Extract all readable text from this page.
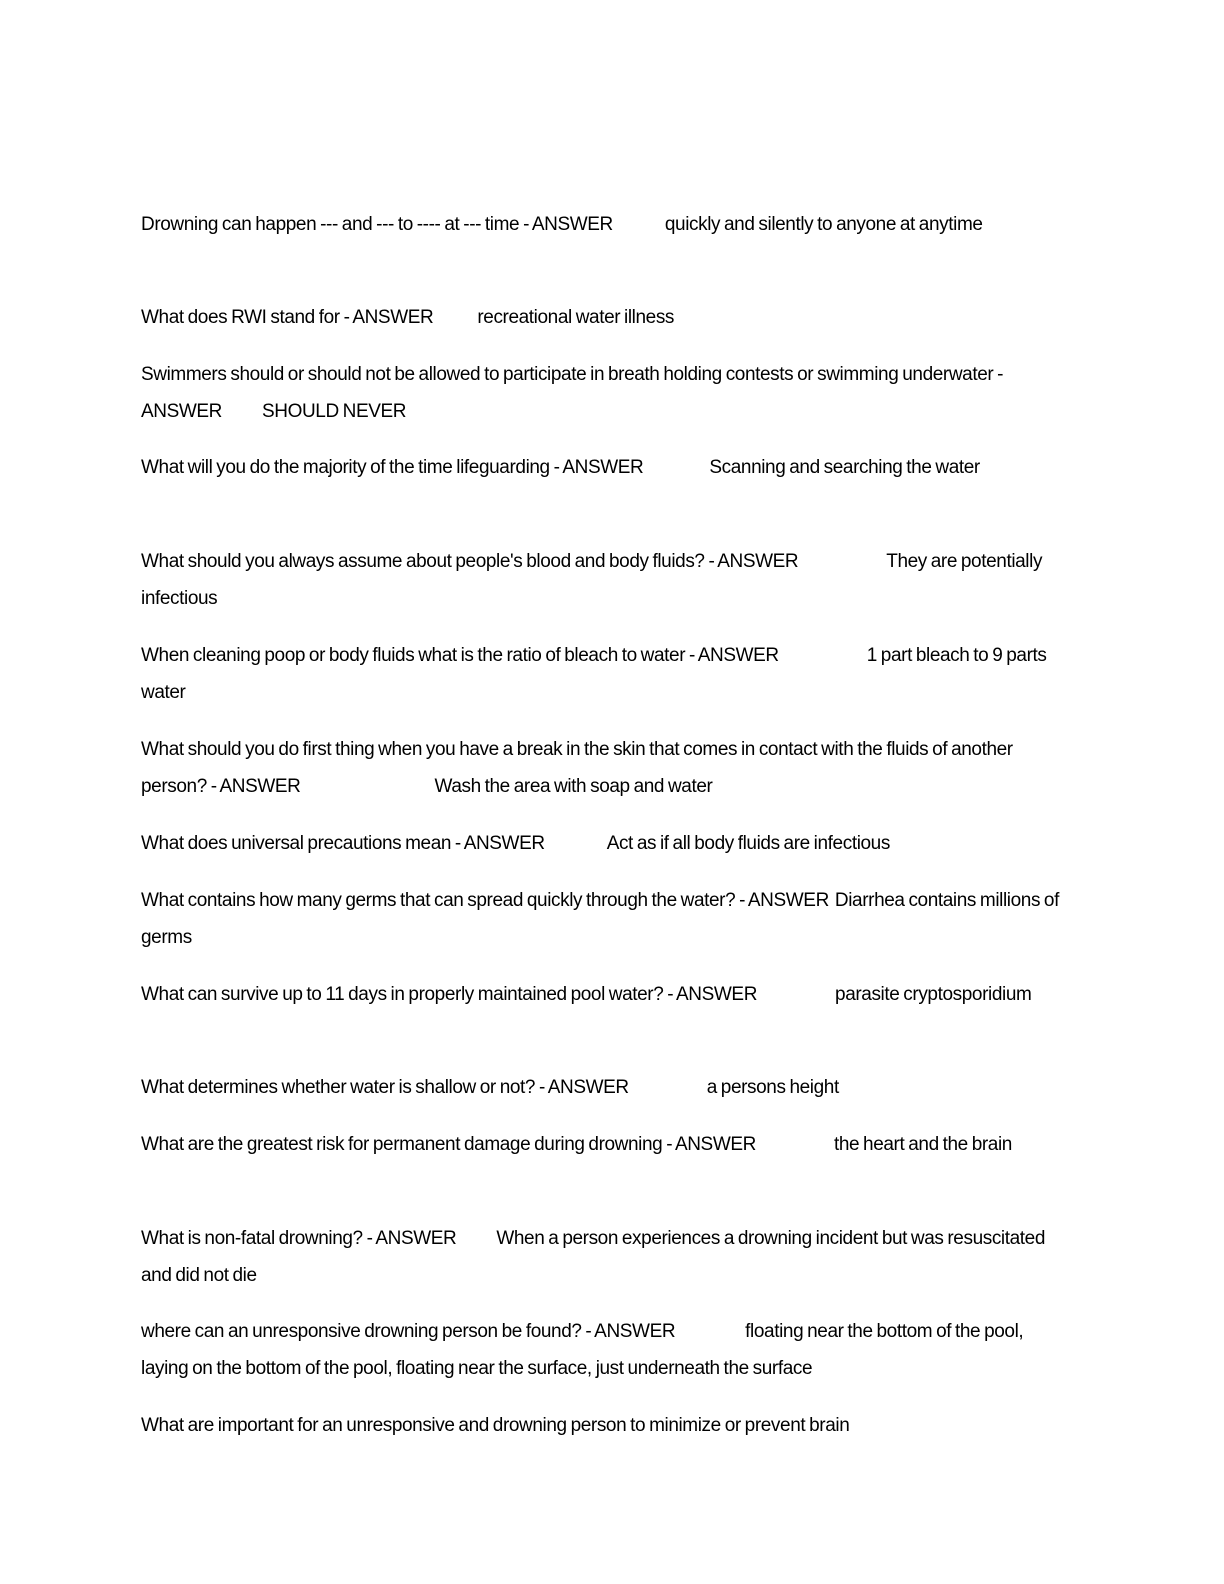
Drowning can happen --- and --- to ---- at --- time - ANSWER	quickly and silently to anyone at anytime

What does RWI stand for - ANSWER recreational water illness

Swimmers should or should not be allowed to participate in breath holding contests or swimming underwater - ANSWER SHOULD NEVER

What will you do the majority of the time lifeguarding - ANSWER	Scanning and searching the water

What should you always assume about people's blood and body fluids? - ANSWER	They are potentially infectious

When cleaning poop or body fluids what is the ratio of bleach to water - ANSWER	1 part bleach to 9 parts water

What should you do first thing when you have a break in the skin that comes in contact with the fluids of another person? - ANSWER	Wash the area with soap and water

What does universal precautions mean - ANSWER	Act as if all body fluids are infectious

What contains how many germs that can spread quickly through the water? - ANSWER Diarrhea contains millions of germs

What can survive up to 11 days in properly maintained pool water? - ANSWER	parasite cryptosporidium

What determines whether water is shallow or not? - ANSWER	a persons height

What are the greatest risk for permanent damage during drowning - ANSWER	the heart and the brain

What is non-fatal drowning? - ANSWER When a person experiences a drowning incident but was resuscitated and did not die

where can an unresponsive drowning person be found? - ANSWER	floating near the bottom of the pool, laying on the bottom of the pool, floating near the surface, just underneath the surface

What are important for an unresponsive and drowning person to minimize or prevent brain
